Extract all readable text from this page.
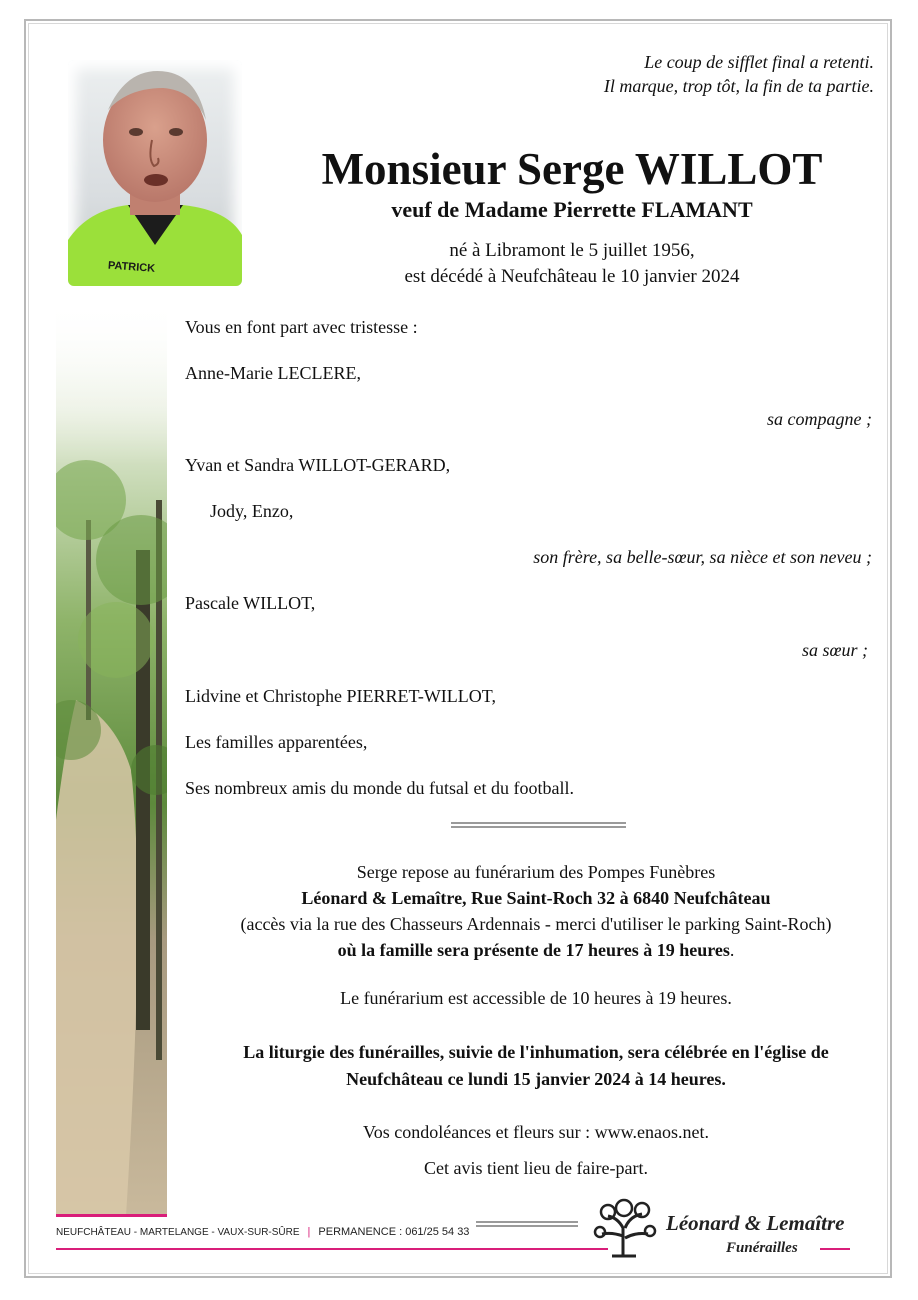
Le coup de sifflet final a retenti.
Il marque, trop tôt, la fin de ta partie.
PATRICK
Monsieur Serge WILLOT
veuf de Madame Pierrette FLAMANT
né à Libramont le 5 juillet 1956,
est décédé à Neufchâteau le 10 janvier 2024
Vous en font part avec tristesse :
Anne-Marie LECLERE,
sa compagne ;
Yvan et Sandra WILLOT-GERARD,
Jody, Enzo,
son frère, sa belle-sœur, sa nièce et son neveu ;
Pascale WILLOT,
sa sœur ;
Lidvine et Christophe PIERRET-WILLOT,
Les familles apparentées,
Ses nombreux amis du monde du futsal et du football.
Serge repose au funérarium des Pompes Funèbres
Léonard & Lemaître, Rue Saint-Roch 32 à 6840 Neufchâteau
(accès via la rue des Chasseurs Ardennais - merci d'utiliser le parking Saint-Roch)
où la famille sera présente de 17 heures à 19 heures.
Le funérarium est accessible de 10 heures à 19 heures.
La liturgie des funérailles, suivie de l'inhumation, sera célébrée en l'église de
Neufchâteau ce lundi 15 janvier 2024 à 14 heures.
Vos condoléances et fleurs sur : www.enaos.net.
Cet avis tient lieu de faire-part.
NEUFCHÂTEAU - MARTELANGE - VAUX-SUR-SÛRE | PERMANENCE : 061/25 54 33	Léonard & Lemaître
Funérailles
